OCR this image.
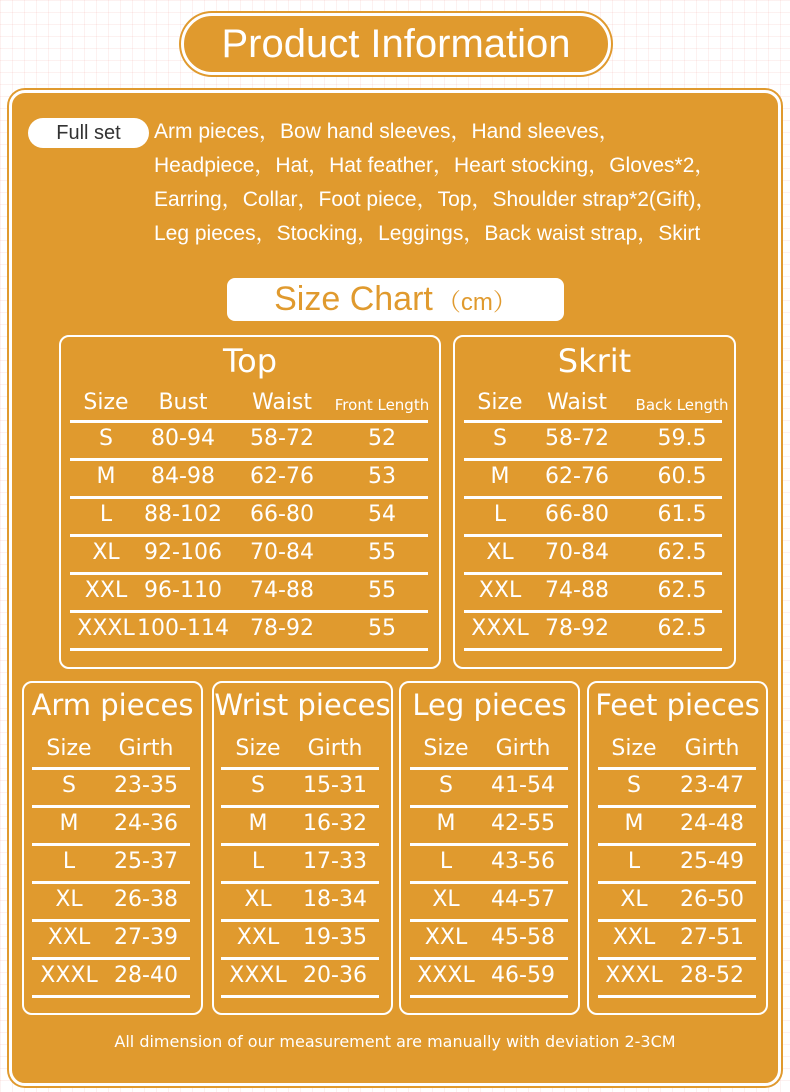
Product Information
Full set	Arm pieces，Bow hand sleeves，Hand sleeves，
Headpiece，Hat，Hat feather，Heart stocking，Gloves*2，
Earring，Collar，Foot piece，Top，Shoulder strap*2(Gift)，
Leg pieces，Stocking，Leggings，Back waist strap，Skirt
Size Chart （cm）
Top
Size	Bust	Waist	Front Length
S	80-94	58-72	52
M	84-98	62-76	53
L	88-102	66-80	54
XL	92-106	70-84	55
XXL 96-110	74-88	55
XXXL 100-114 78-92	55
Skrit
Size	Waist	Back Length
S	58-72	59.5
M	62-76	60.5
L	66-80	61.5
XL	70-84	62.5
XXL	74-88	62.5
XXXL 78-92	62.5
Arm pieces
Size	Girth
S	23-35
M	24-36
L	25-37
XL	26-38
XXL	27-39
XXXL 28-40
Wrist pieces
Size	Girth
S	15-31
M	16-32
L	17-33
XL	18-34
XXL	19-35
XXXL 20-36
Leg pieces
Size	Girth
S	41-54
M	42-55
L	43-56
XL	44-57
XXL	45-58
XXXL 46-59
Feet pieces
Size	Girth
S	23-47
M	24-48
L	25-49
XL	26-50
XXL	27-51
XXXL 28-52
All dimension of our measurement are manually with deviation 2-3CM
